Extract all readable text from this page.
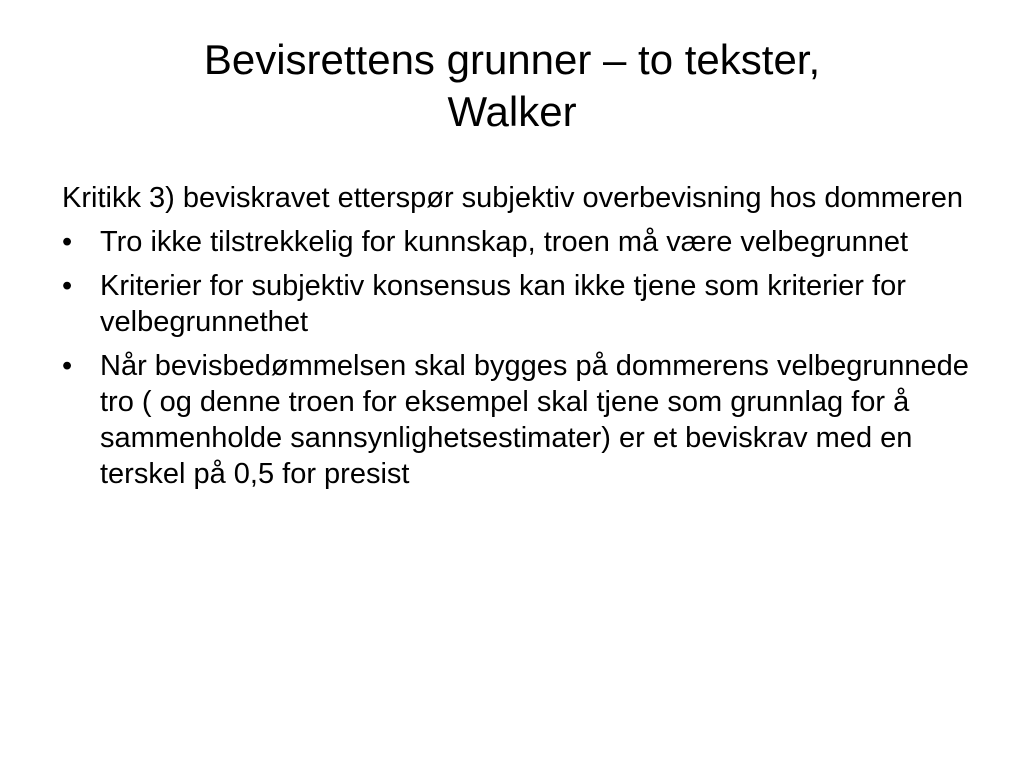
Bevisrettens grunner – to tekster,
Walker

Kritikk 3) beviskravet etterspør subjektiv overbevisning hos dommeren

• Tro ikke tilstrekkelig for kunnskap, troen må være velbegrunnet
• Kriterier for subjektiv konsensus kan ikke tjene som kriterier for velbegrunnethet
• Når bevisbedømmelsen skal bygges på dommerens velbegrunnede tro ( og denne troen for eksempel skal tjene som grunnlag for å sammenholde sannsynlighetsestimater) er et beviskrav med en terskel på 0,5 for presist
